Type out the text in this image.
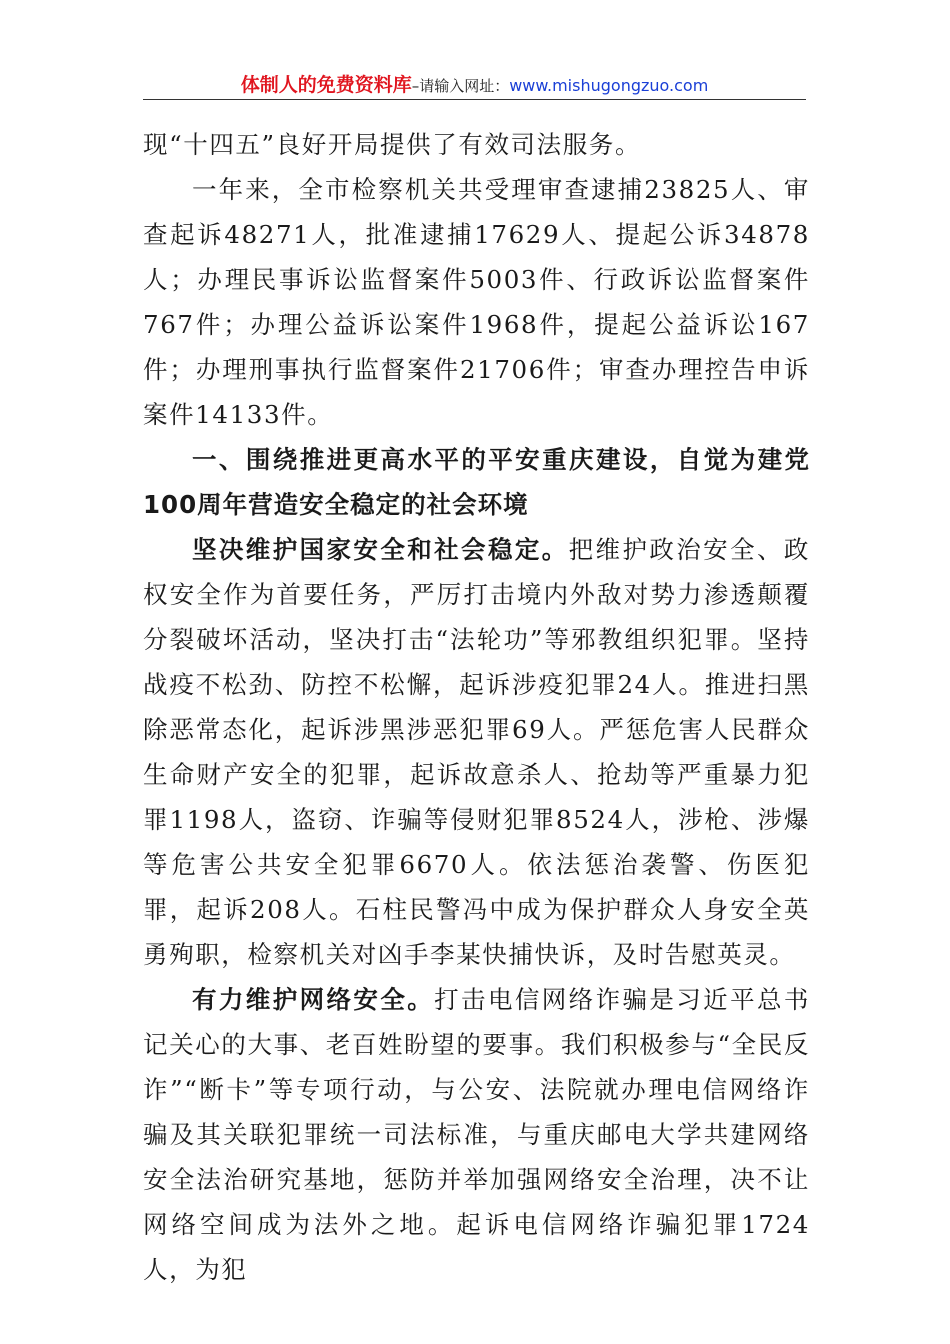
体制人的免费资料库–请输入网址：www.mishugongzuo.com

现“十四五”良好开局提供了有效司法服务。

一年来，全市检察机关共受理审查逮捕23825人、审查起诉48271人，批准逮捕17629人、提起公诉34878人；办理民事诉讼监督案件5003件、行政诉讼监督案件767件；办理公益诉讼案件1968件，提起公益诉讼167件；办理刑事执行监督案件21706件；审查办理控告申诉案件14133件。

一、围绕推进更高水平的平安重庆建设，自觉为建党100周年营造安全稳定的社会环境

坚决维护国家安全和社会稳定。把维护政治安全、政权安全作为首要任务，严厉打击境内外敌对势力渗透颠覆分裂破坏活动，坚决打击“法轮功”等邪教组织犯罪。坚持战疫不松劲、防控不松懈，起诉涉疫犯罪24人。推进扫黑除恶常态化，起诉涉黑涉恶犯罪69人。严惩危害人民群众生命财产安全的犯罪，起诉故意杀人、抢劫等严重暴力犯罪1198人，盗窃、诈骗等侵财犯罪8524人，涉枪、涉爆等危害公共安全犯罪6670人。依法惩治袭警、伤医犯罪，起诉208人。石柱民警冯中成为保护群众人身安全英勇殉职，检察机关对凶手李某快捕快诉，及时告慰英灵。

有力维护网络安全。打击电信网络诈骗是习近平总书记关心的大事、老百姓盼望的要事。我们积极参与“全民反诈”“断卡”等专项行动，与公安、法院就办理电信网络诈骗及其关联犯罪统一司法标准，与重庆邮电大学共建网络安全法治研究基地，惩防并举加强网络安全治理，决不让网络空间成为法外之地。起诉电信网络诈骗犯罪1724人，为犯
